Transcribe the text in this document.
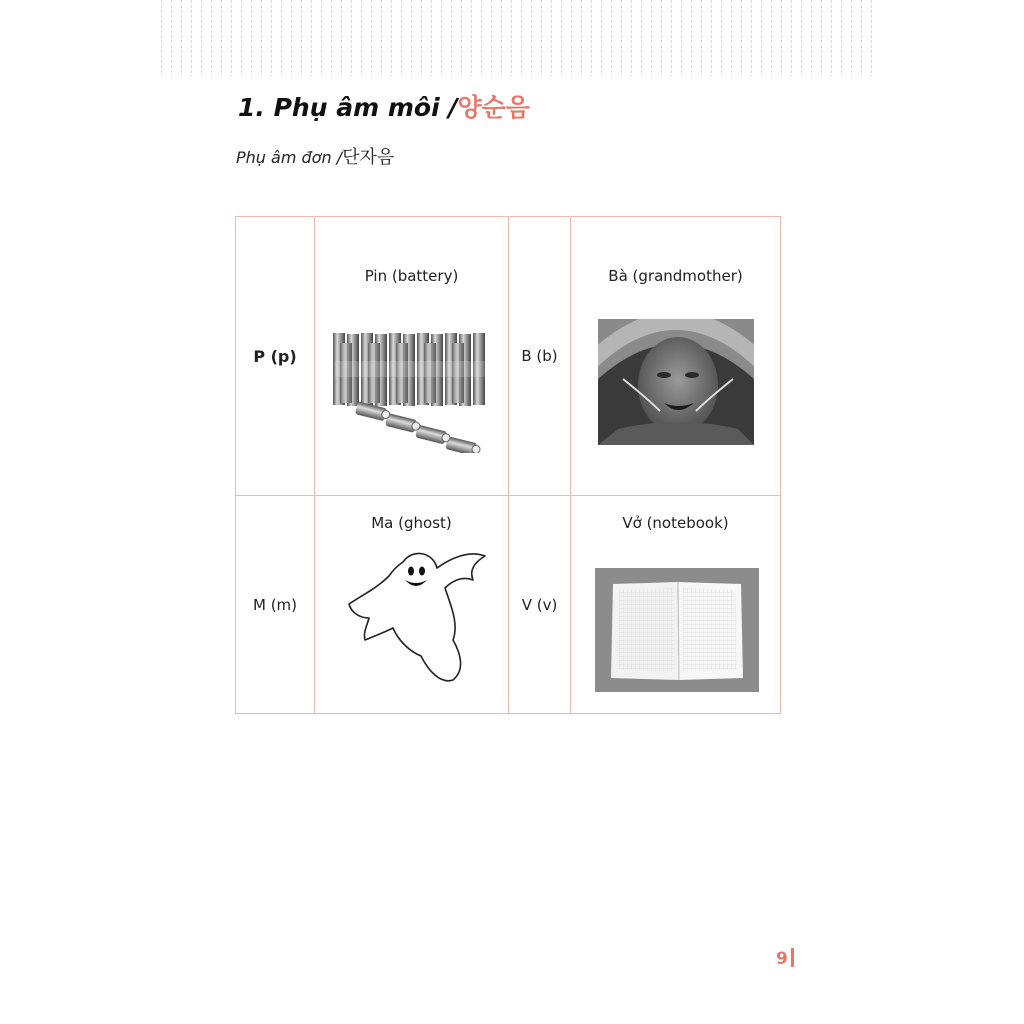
1. Phụ âm môi /양순음
Phụ âm đơn /단자음
P (p)	Pin (battery)	B (b)	Bà (grandmother)

M (m)	Ma (ghost)	V (v)	Vở (notebook)
9
